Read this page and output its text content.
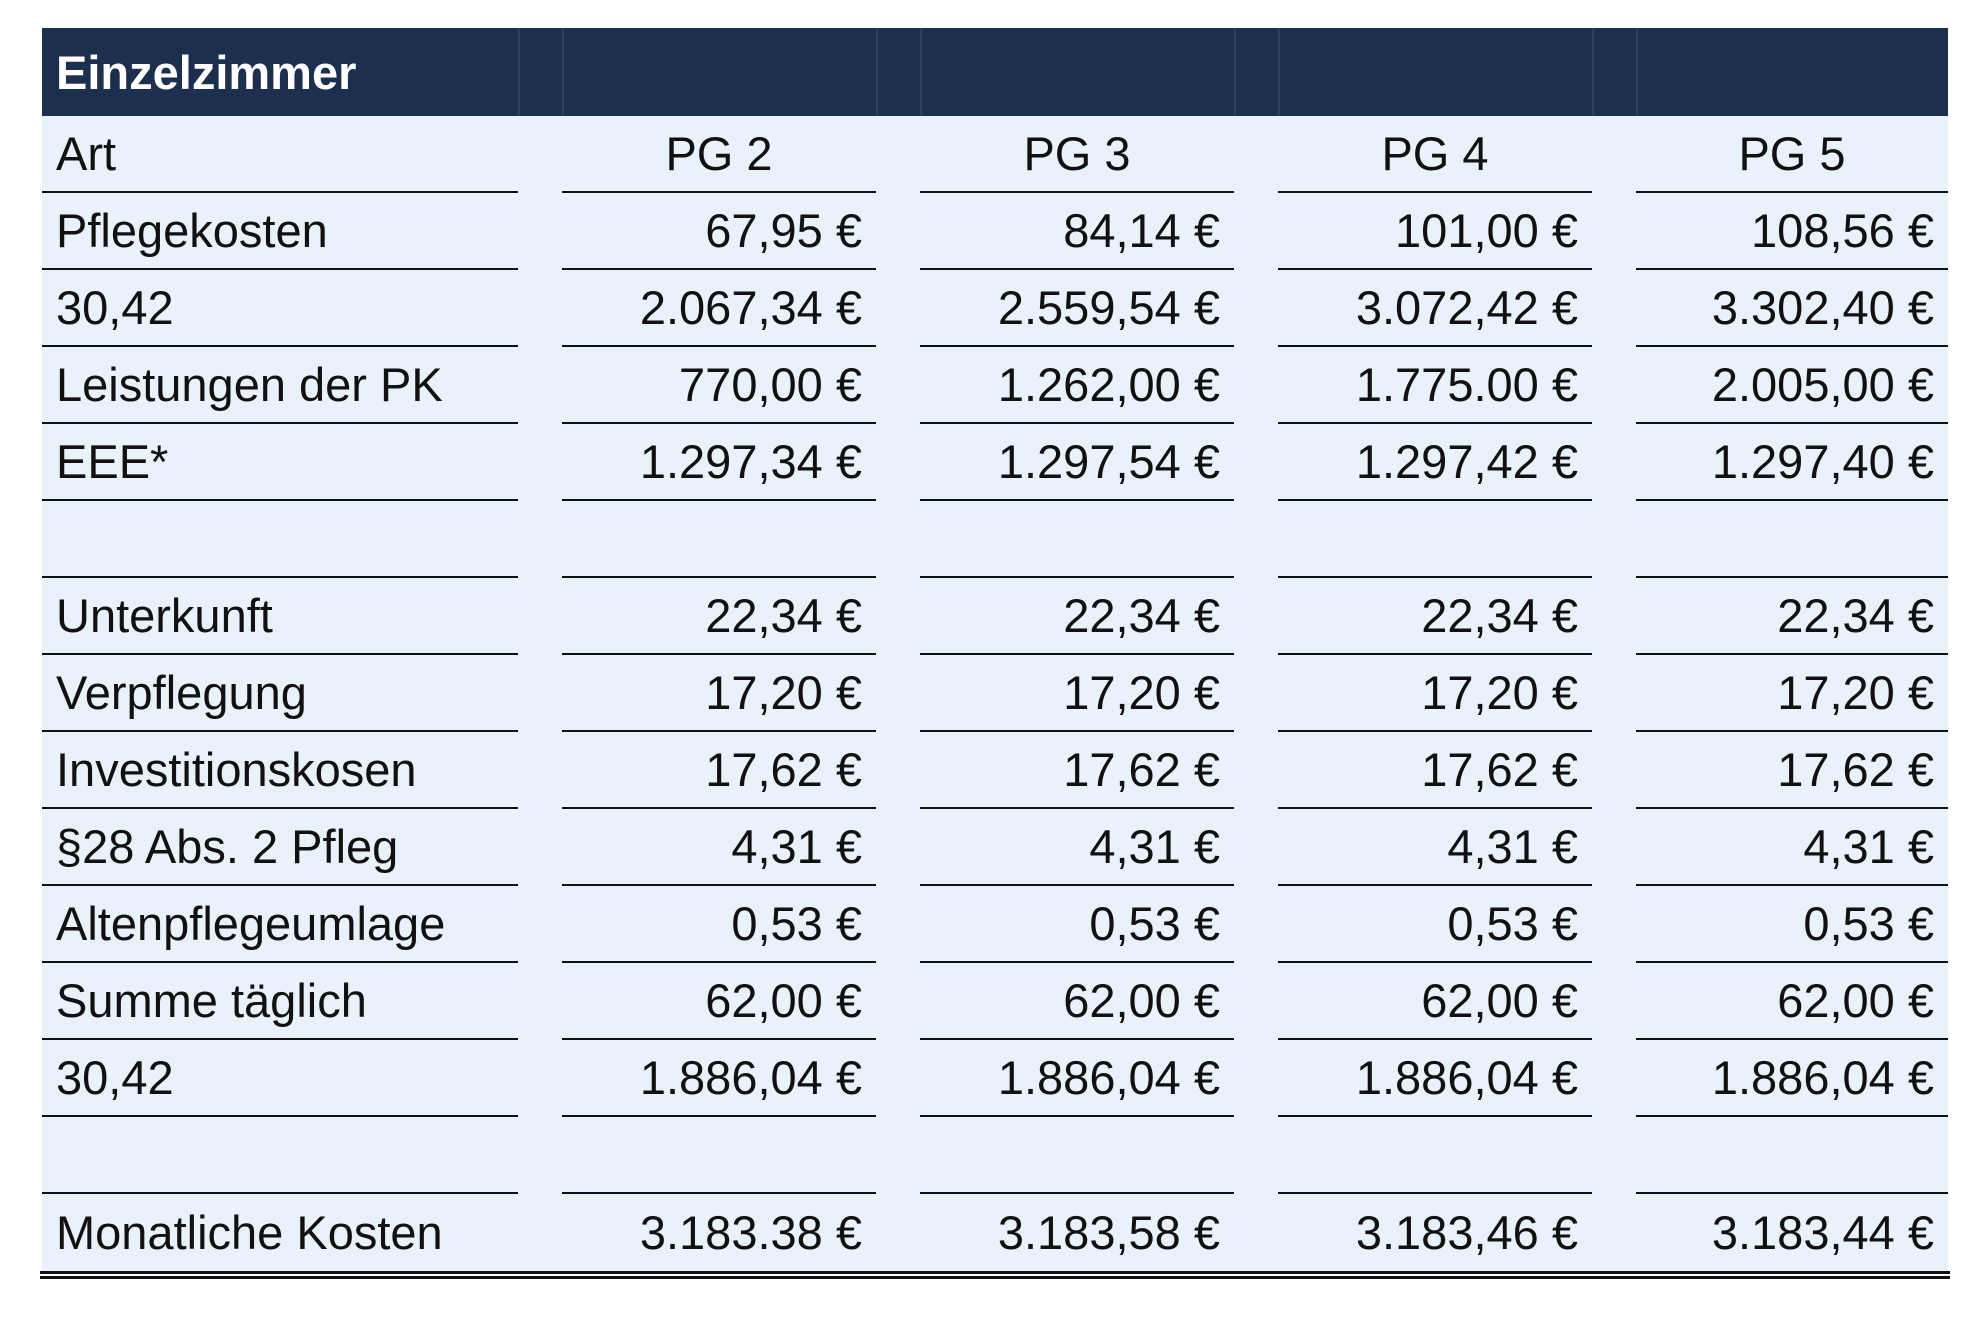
Einzelzimmer
Art	PG 2	PG 3	PG 4	PG 5
Pflegekosten	67,95 €	84,14 €	101,00 €	108,56 €
30,42	2.067,34 €	2.559,54 €	3.072,42 €	3.302,40 €
Leistungen der PK	770,00 €	1.262,00 €	1.775.00 €	2.005,00 €
EEE*	1.297,34 €	1.297,54 €	1.297,42 €	1.297,40 €
Unterkunft	22,34 €	22,34 €	22,34 €	22,34 €
Verpflegung	17,20 €	17,20 €	17,20 €	17,20 €
Investitionskosen	17,62 €	17,62 €	17,62 €	17,62 €
§28 Abs. 2 Pfleg	4,31 €	4,31 €	4,31 €	4,31 €
Altenpflegeumlage	0,53 €	0,53 €	0,53 €	0,53 €
Summe täglich	62,00 €	62,00 €	62,00 €	62,00 €
30,42	1.886,04 €	1.886,04 €	1.886,04 €	1.886,04 €
Monatliche Kosten	3.183.38 €	3.183,58 €	3.183,46 €	3.183,44 €
